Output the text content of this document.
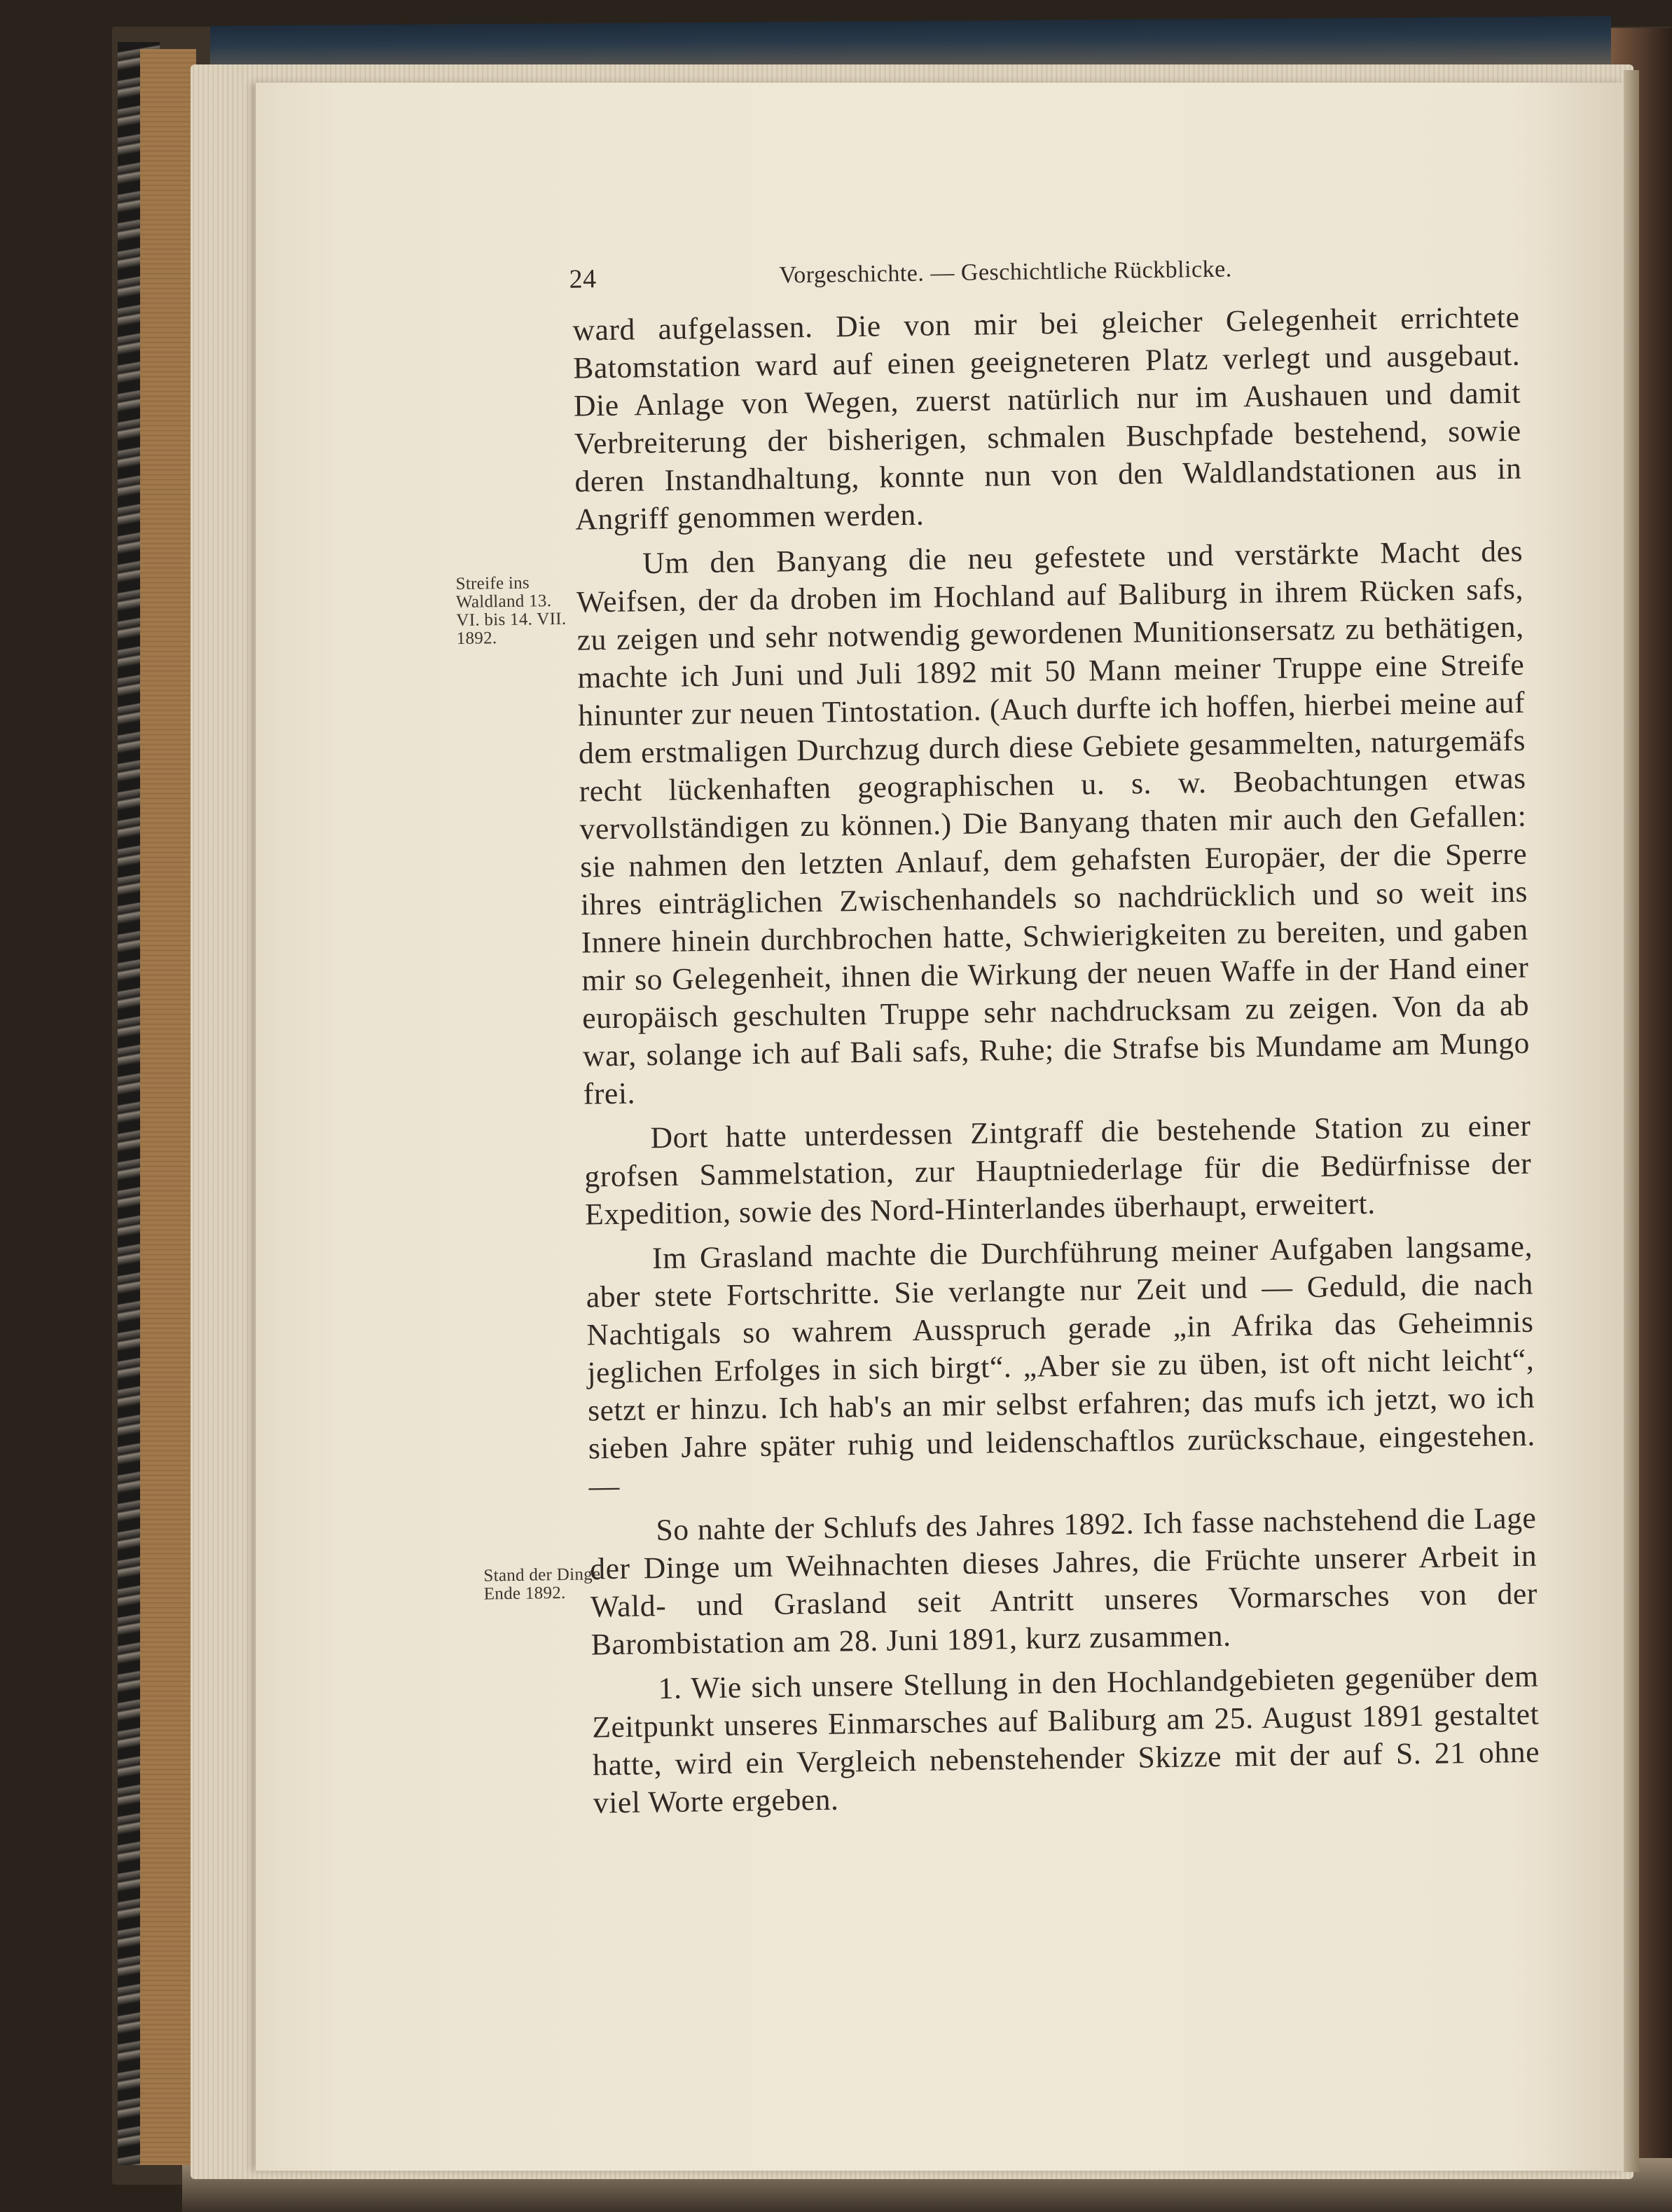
24	Vorgeschichte. — Geschichtliche Rückblicke.
Streife ins Waldland 13. VI. bis 14. VII. 1892.
Stand der Dinge Ende 1892.

ward aufgelassen. Die von mir bei gleicher Gelegenheit errichtete Batomstation ward auf einen geeigneteren Platz verlegt und ausgebaut. Die Anlage von Wegen, zuerst natürlich nur im Aushauen und damit Verbreiterung der bisherigen, schmalen Buschpfade bestehend, sowie deren Instandhaltung, konnte nun von den Waldlandstationen aus in Angriff genommen werden.

Um den Banyang die neu gefestete und verstärkte Macht des Weifsen, der da droben im Hochland auf Baliburg in ihrem Rücken safs, zu zeigen und sehr notwendig gewordenen Munitionsersatz zu bethätigen, machte ich Juni und Juli 1892 mit 50 Mann meiner Truppe eine Streife hinunter zur neuen Tintostation. (Auch durfte ich hoffen, hierbei meine auf dem erstmaligen Durchzug durch diese Gebiete gesammelten, naturgemäfs recht lückenhaften geographischen u. s. w. Beobachtungen etwas vervollständigen zu können.) Die Banyang thaten mir auch den Gefallen: sie nahmen den letzten Anlauf, dem gehafsten Europäer, der die Sperre ihres einträglichen Zwischenhandels so nachdrücklich und so weit ins Innere hinein durchbrochen hatte, Schwierigkeiten zu bereiten, und gaben mir so Gelegenheit, ihnen die Wirkung der neuen Waffe in der Hand einer europäisch geschulten Truppe sehr nachdrucksam zu zeigen. Von da ab war, solange ich auf Bali safs, Ruhe; die Strafse bis Mundame am Mungo frei.

Dort hatte unterdessen Zintgraff die bestehende Station zu einer grofsen Sammelstation, zur Hauptniederlage für die Bedürfnisse der Expedition, sowie des Nord-Hinterlandes überhaupt, erweitert.

Im Grasland machte die Durchführung meiner Aufgaben langsame, aber stete Fortschritte. Sie verlangte nur Zeit und — Geduld, die nach Nachtigals so wahrem Ausspruch gerade „in Afrika das Geheimnis jeglichen Erfolges in sich birgt“. „Aber sie zu üben, ist oft nicht leicht“, setzt er hinzu. Ich hab's an mir selbst erfahren; das mufs ich jetzt, wo ich sieben Jahre später ruhig und leidenschaftlos zurückschaue, eingestehen. —

So nahte der Schlufs des Jahres 1892. Ich fasse nachstehend die Lage der Dinge um Weihnachten dieses Jahres, die Früchte unserer Arbeit in Wald- und Grasland seit Antritt unseres Vormarsches von der Barombistation am 28. Juni 1891, kurz zusammen.

1. Wie sich unsere Stellung in den Hochlandgebieten gegenüber dem Zeitpunkt unseres Einmarsches auf Baliburg am 25. August 1891 gestaltet hatte, wird ein Vergleich nebenstehender Skizze mit der auf S. 21 ohne viel Worte ergeben.
